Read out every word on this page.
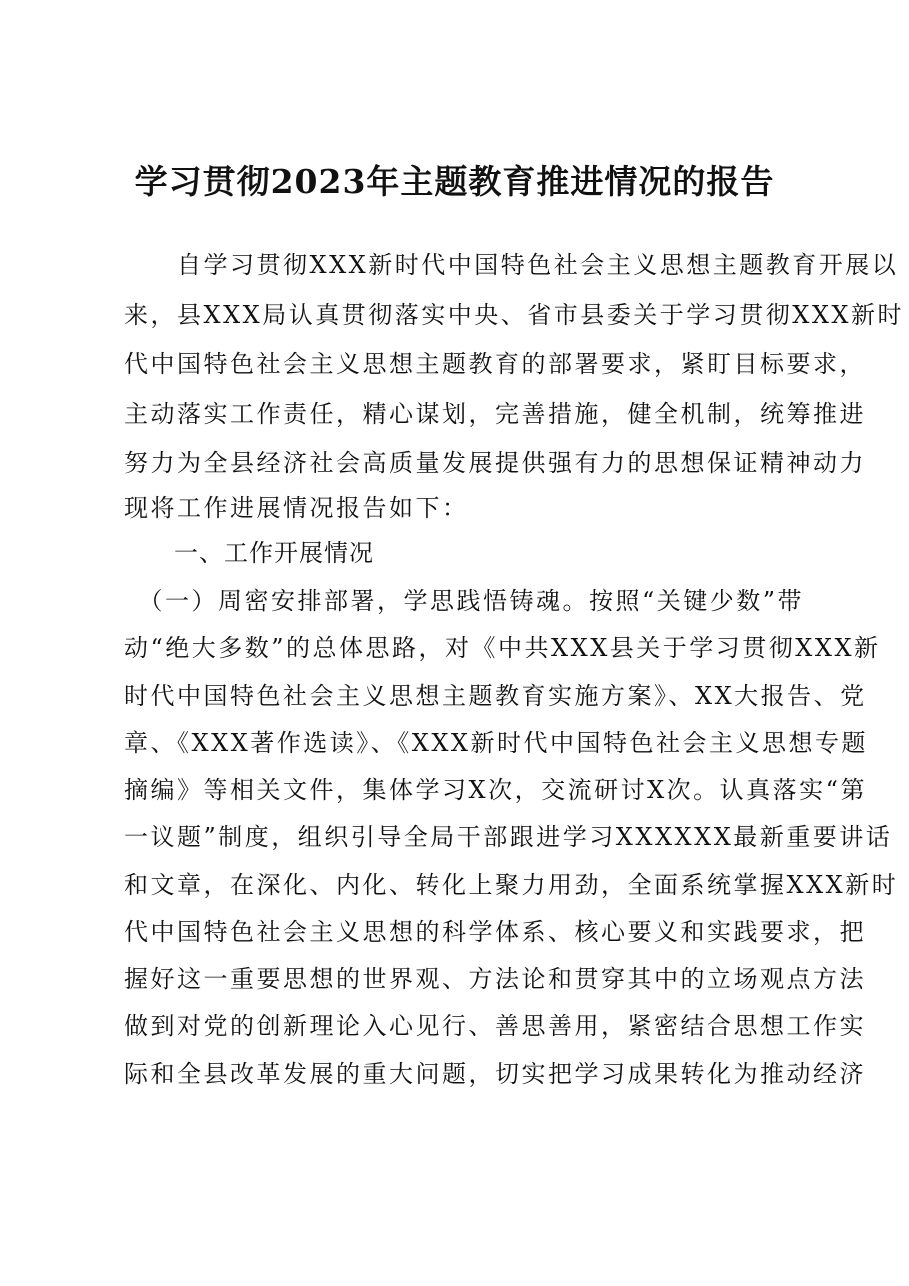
学习贯彻2023年主题教育推进情况的报告
　　自学习贯彻XXX新时代中国特色社会主义思想主题教育开展以
来，县XXX局认真贯彻落实中央、省市县委关于学习贯彻XXX新时
代中国特色社会主义思想主题教育的部署要求，紧盯目标要求，
主动落实工作责任，精心谋划，完善措施，健全机制，统筹推进
努力为全县经济社会高质量发展提供强有力的思想保证精神动力
现将工作进展情况报告如下：
　　一、工作开展情况
　（一）周密安排部署，学思践悟铸魂。按照“关键少数”带
动“绝大多数”的总体思路，对《中共XXX县关于学习贯彻XXX新
时代中国特色社会主义思想主题教育实施方案》、XX大报告、党
章、《XXX著作选读》、《XXX新时代中国特色社会主义思想专题
摘编》等相关文件，集体学习X次，交流研讨X次。认真落实“第
一议题”制度，组织引导全局干部跟进学习XXXXXX最新重要讲话
和文章，在深化、内化、转化上聚力用劲，全面系统掌握XXX新时
代中国特色社会主义思想的科学体系、核心要义和实践要求，把
握好这一重要思想的世界观、方法论和贯穿其中的立场观点方法
做到对党的创新理论入心见行、善思善用，紧密结合思想工作实
际和全县改革发展的重大问题，切实把学习成果转化为推动经济
